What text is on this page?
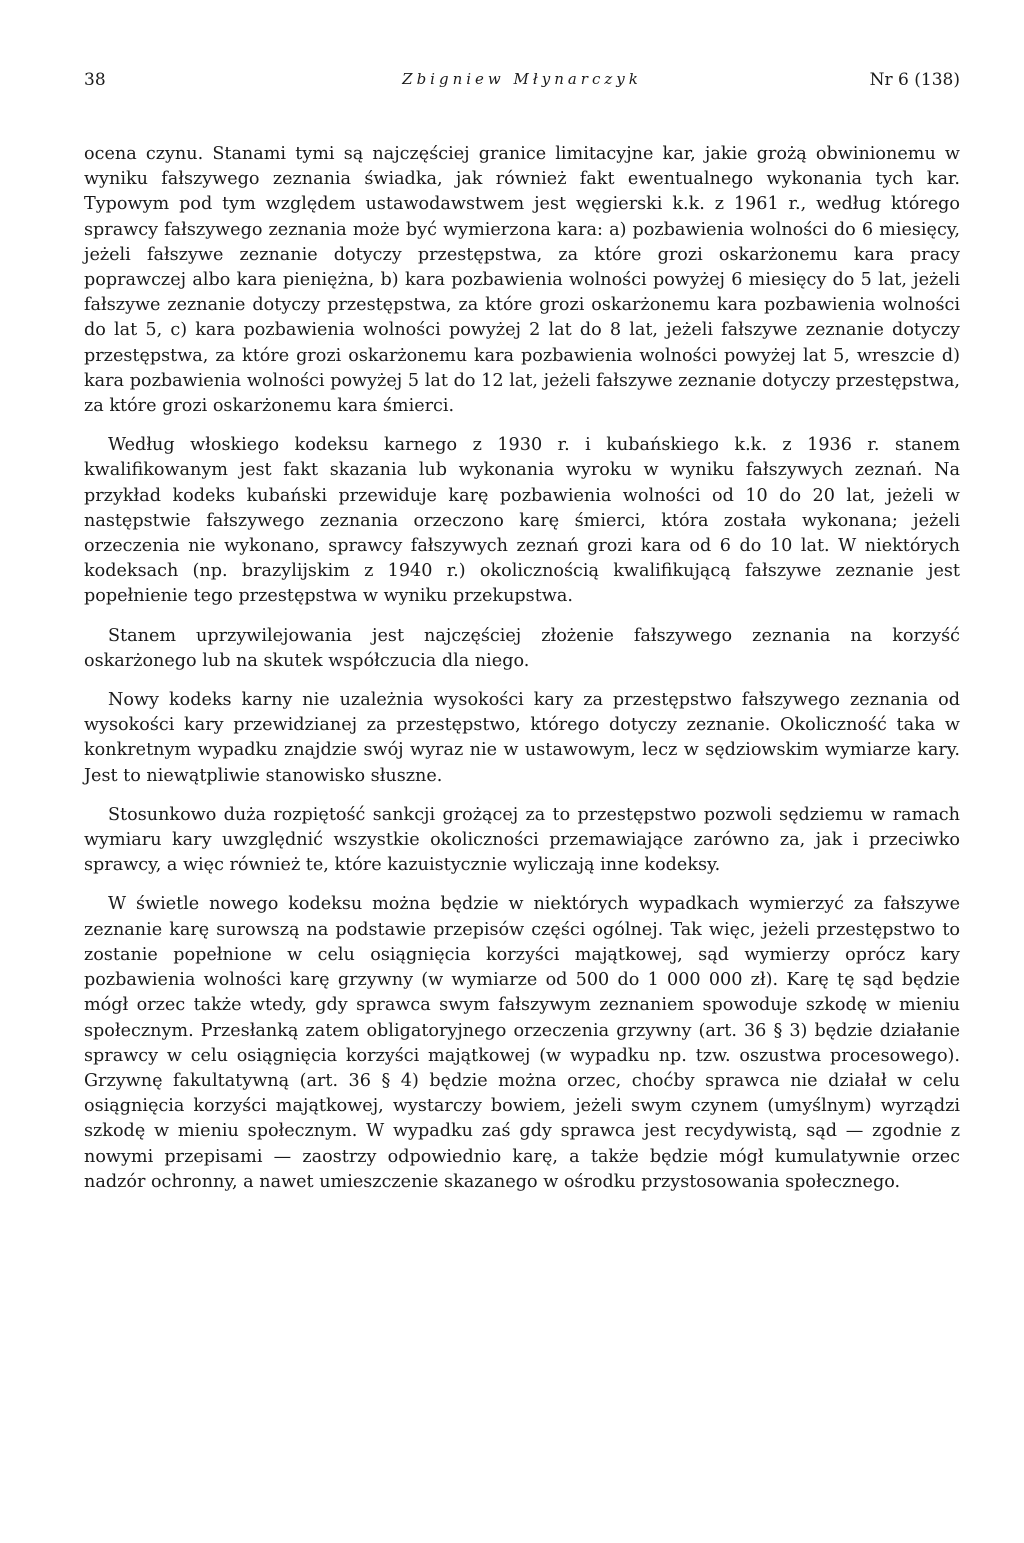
38	Zbigniew Młynarczyk	Nr 6 (138)

ocena czynu. Stanami tymi są najczęściej granice limitacyjne kar, jakie grożą obwinionemu w wyniku fałszywego zeznania świadka, jak również fakt ewentualnego wykonania tych kar. Typowym pod tym względem ustawodawstwem jest węgierski k.k. z 1961 r., według którego sprawcy fałszywego zeznania może być wymierzona kara: a) pozbawienia wolności do 6 miesięcy, jeżeli fałszywe zeznanie dotyczy przestępstwa, za które grozi oskarżonemu kara pracy poprawczej albo kara pieniężna, b) kara pozbawienia wolności powyżej 6 miesięcy do 5 lat, jeżeli fałszywe zeznanie dotyczy przestępstwa, za które grozi oskarżonemu kara pozbawienia wolności do lat 5, c) kara pozbawienia wolności powyżej 2 lat do 8 lat, jeżeli fałszywe zeznanie dotyczy przestępstwa, za które grozi oskarżonemu kara pozbawienia wolności powyżej lat 5, wreszcie d) kara pozbawienia wolności powyżej 5 lat do 12 lat, jeżeli fałszywe zeznanie dotyczy przestępstwa, za które grozi oskarżonemu kara śmierci.

Według włoskiego kodeksu karnego z 1930 r. i kubańskiego k.k. z 1936 r. stanem kwalifikowanym jest fakt skazania lub wykonania wyroku w wyniku fałszywych zeznań. Na przykład kodeks kubański przewiduje karę pozbawienia wolności od 10 do 20 lat, jeżeli w następstwie fałszywego zeznania orzeczono karę śmierci, która została wykonana; jeżeli orzeczenia nie wykonano, sprawcy fałszywych zeznań grozi kara od 6 do 10 lat. W niektórych kodeksach (np. brazylijskim z 1940 r.) okolicznością kwalifikującą fałszywe zeznanie jest popełnienie tego przestępstwa w wyniku przekupstwa.

Stanem uprzywilejowania jest najczęściej złożenie fałszywego zeznania na korzyść oskarżonego lub na skutek współczucia dla niego.

Nowy kodeks karny nie uzależnia wysokości kary za przestępstwo fałszywego zeznania od wysokości kary przewidzianej za przestępstwo, którego dotyczy zeznanie. Okoliczność taka w konkretnym wypadku znajdzie swój wyraz nie w ustawowym, lecz w sędziowskim wymiarze kary. Jest to niewątpliwie stanowisko słuszne.

Stosunkowo duża rozpiętość sankcji grożącej za to przestępstwo pozwoli sędziemu w ramach wymiaru kary uwzględnić wszystkie okoliczności przemawiające zarówno za, jak i przeciwko sprawcy, a więc również te, które kazuistycznie wyliczają inne kodeksy.

W świetle nowego kodeksu można będzie w niektórych wypadkach wymierzyć za fałszywe zeznanie karę surowszą na podstawie przepisów części ogólnej. Tak więc, jeżeli przestępstwo to zostanie popełnione w celu osiągnięcia korzyści majątkowej, sąd wymierzy oprócz kary pozbawienia wolności karę grzywny (w wymiarze od 500 do 1 000 000 zł). Karę tę sąd będzie mógł orzec także wtedy, gdy sprawca swym fałszywym zeznaniem spowoduje szkodę w mieniu społecznym. Przesłanką zatem obligatoryjnego orzeczenia grzywny (art. 36 § 3) będzie działanie sprawcy w celu osiągnięcia korzyści majątkowej (w wypadku np. tzw. oszustwa procesowego). Grzywnę fakultatywną (art. 36 § 4) będzie można orzec, choćby sprawca nie działał w celu osiągnięcia korzyści majątkowej, wystarczy bowiem, jeżeli swym czynem (umyślnym) wyrządzi szkodę w mieniu społecznym. W wypadku zaś gdy sprawca jest recydywistą, sąd — zgodnie z nowymi przepisami — zaostrzy odpowiednio karę, a także będzie mógł kumulatywnie orzec nadzór ochronny, a nawet umieszczenie skazanego w ośrodku przystosowania społecznego.
